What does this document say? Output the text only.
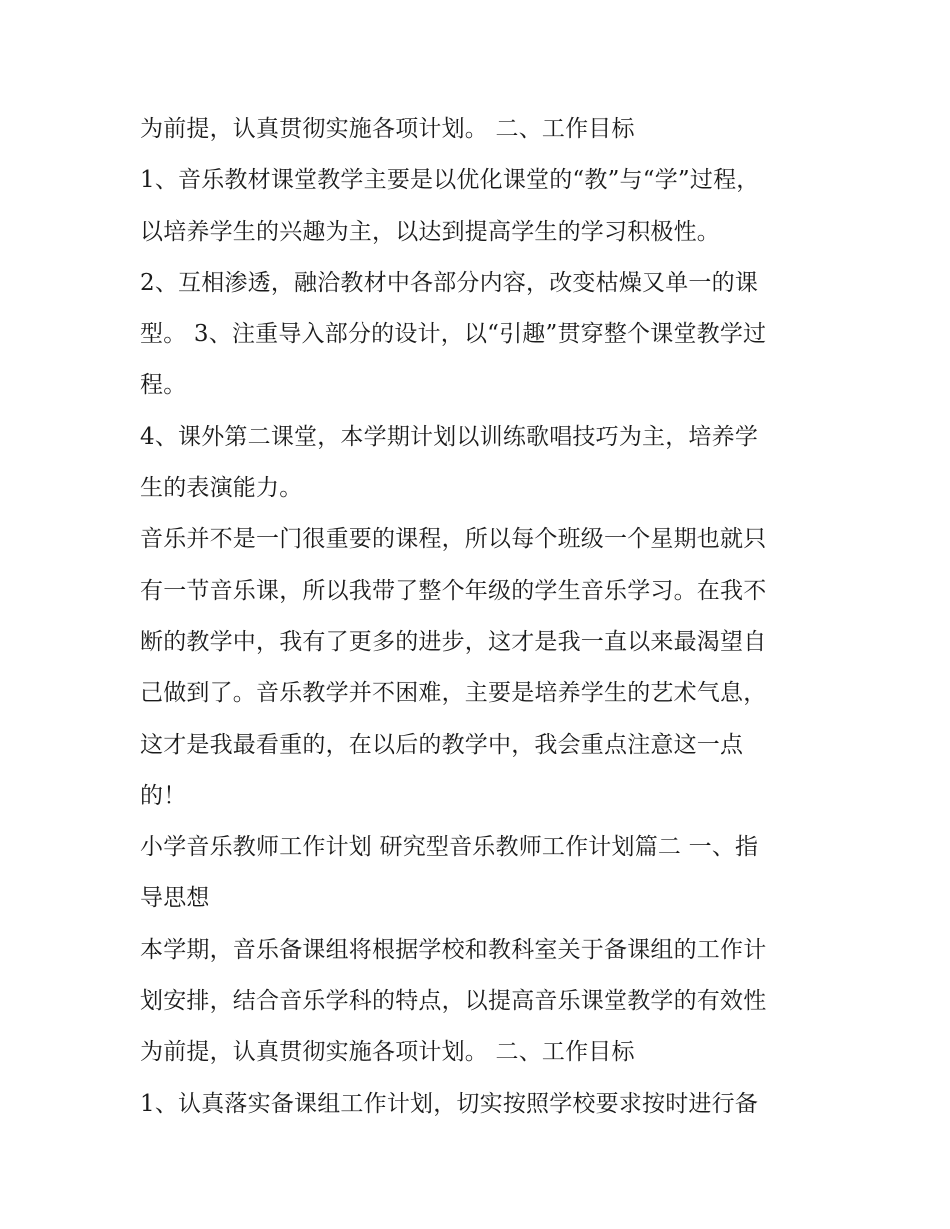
为前提，认真贯彻实施各项计划。 二、工作目标
1、音乐教材课堂教学主要是以优化课堂的“教”与“学”过程，
以培养学生的兴趣为主，以达到提高学生的学习积极性。
2、互相渗透，融洽教材中各部分内容，改变枯燥又单一的课
型。 3、注重导入部分的设计，以“引趣”贯穿整个课堂教学过
程。
4、课外第二课堂，本学期计划以训练歌唱技巧为主，培养学
生的表演能力。
音乐并不是一门很重要的课程，所以每个班级一个星期也就只
有一节音乐课，所以我带了整个年级的学生音乐学习。在我不
断的教学中，我有了更多的进步，这才是我一直以来最渴望自
己做到了。音乐教学并不困难，主要是培养学生的艺术气息，
这才是我最看重的，在以后的教学中，我会重点注意这一点
的！
小学音乐教师工作计划 研究型音乐教师工作计划篇二 一、指
导思想
本学期，音乐备课组将根据学校和教科室关于备课组的工作计
划安排，结合音乐学科的特点，以提高音乐课堂教学的有效性
为前提，认真贯彻实施各项计划。 二、工作目标
1、认真落实备课组工作计划，切实按照学校要求按时进行备
